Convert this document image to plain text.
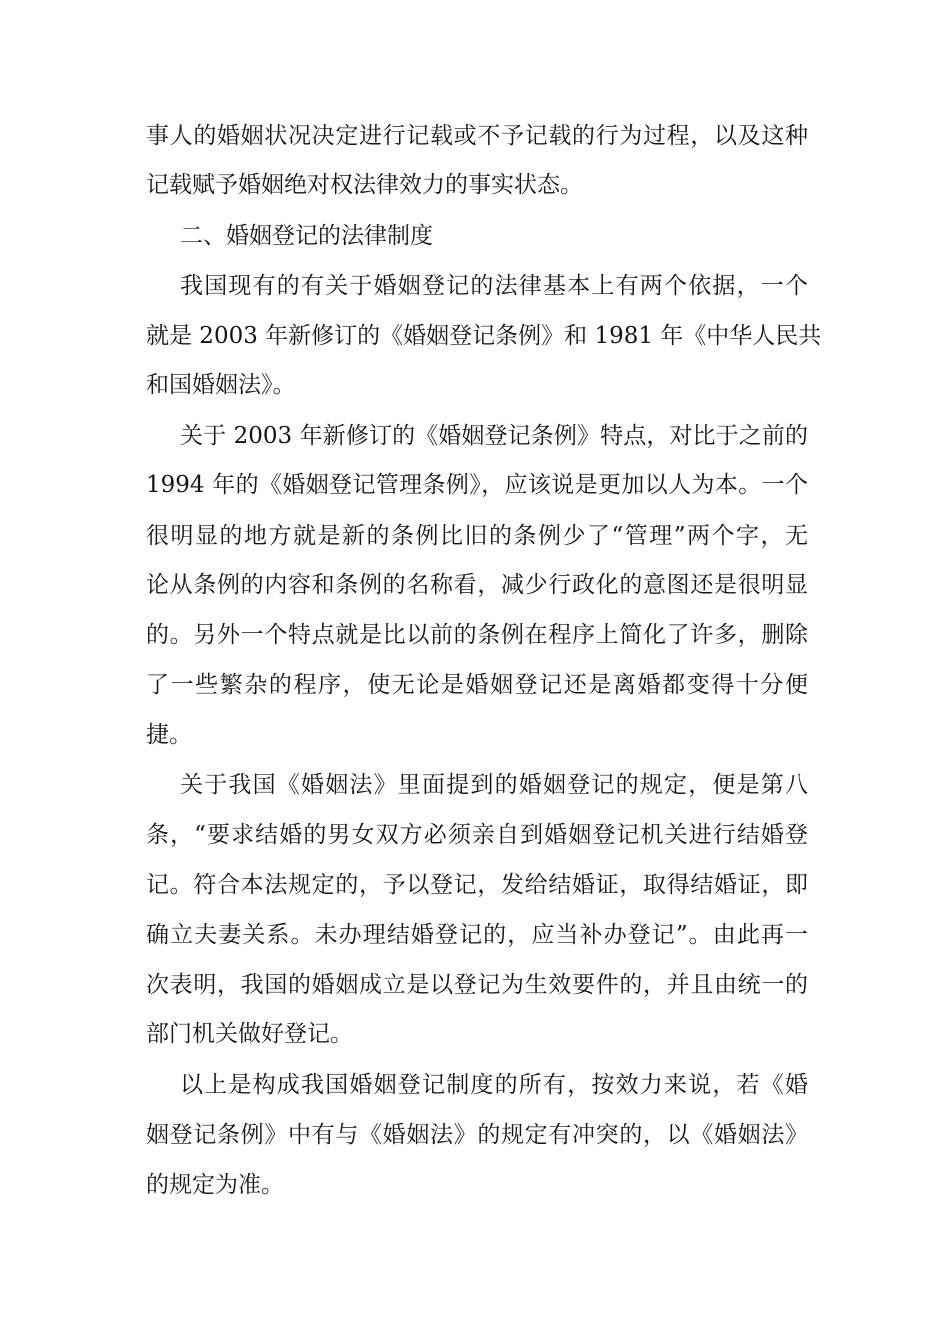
事人的婚姻状况决定进行记载或不予记载的行为过程，以及这种
记载赋予婚姻绝对权法律效力的事实状态。
二、婚姻登记的法律制度
我国现有的有关于婚姻登记的法律基本上有两个依据，一个
就是 2003 年新修订的《婚姻登记条例》和 1981 年《中华人民共
和国婚姻法》。
关于 2003 年新修订的《婚姻登记条例》特点，对比于之前的
1994 年的《婚姻登记管理条例》，应该说是更加以人为本。一个
很明显的地方就是新的条例比旧的条例少了“管理”两个字，无
论从条例的内容和条例的名称看，减少行政化的意图还是很明显
的。另外一个特点就是比以前的条例在程序上简化了许多，删除
了一些繁杂的程序，使无论是婚姻登记还是离婚都变得十分便
捷。
关于我国《婚姻法》里面提到的婚姻登记的规定，便是第八
条，“要求结婚的男女双方必须亲自到婚姻登记机关进行结婚登
记。符合本法规定的，予以登记，发给结婚证，取得结婚证，即
确立夫妻关系。未办理结婚登记的，应当补办登记”。由此再一
次表明，我国的婚姻成立是以登记为生效要件的，并且由统一的
部门机关做好登记。
以上是构成我国婚姻登记制度的所有，按效力来说，若《婚
姻登记条例》中有与《婚姻法》的规定有冲突的，以《婚姻法》
的规定为准。
